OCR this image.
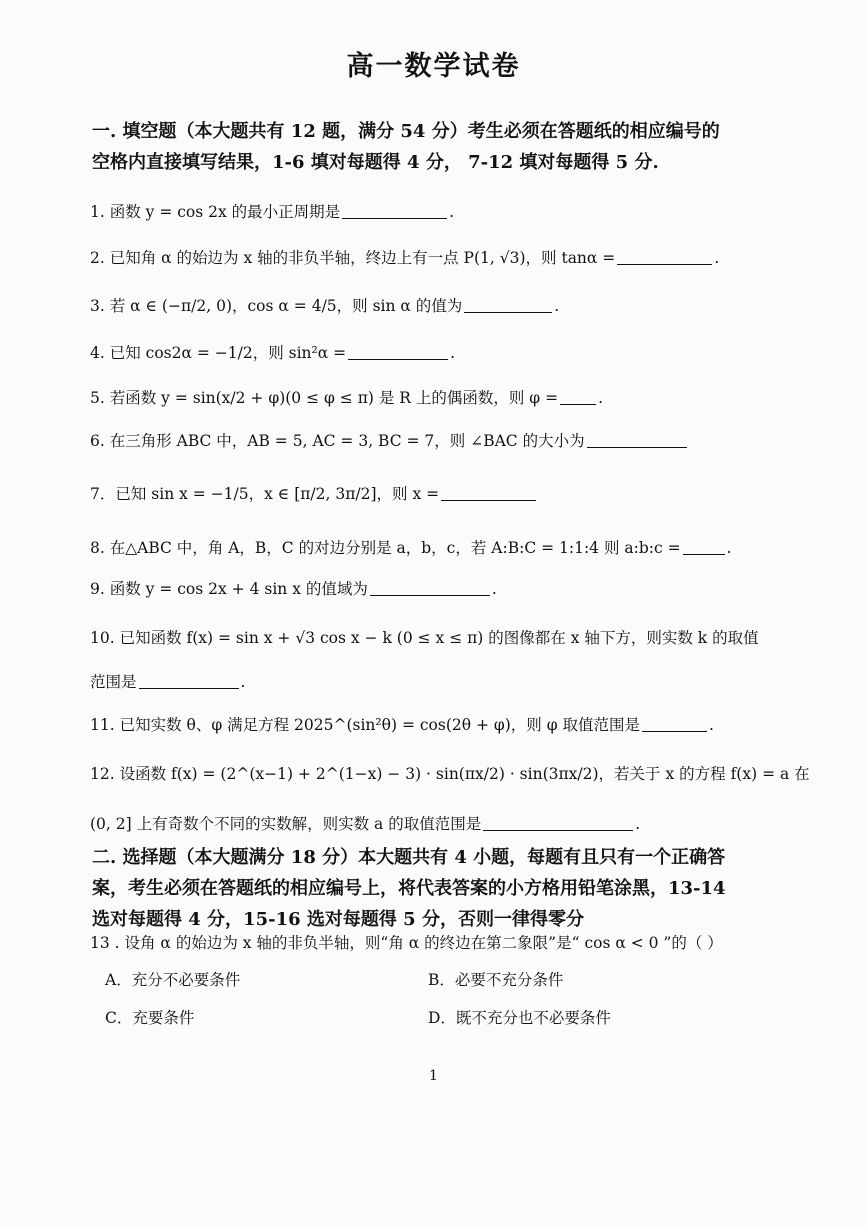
高一数学试卷
一. 填空题（本大题共有 12 题，满分 54 分）考生必须在答题纸的相应编号的
空格内直接填写结果，1-6 填对每题得 4 分， 7-12 填对每题得 5 分.
1. 函数 y = cos 2x 的最小正周期是	.
2. 已知角 α 的始边为 x 轴的非负半轴，终边上有一点 P(1, √3)，则 tanα =	.
3. 若 α ∈ (−π/2, 0)，cos α = 4/5，则 sin α 的值为	.
4. 已知 cos2α = −1/2，则 sin²α =	.
5. 若函数 y = sin(x/2 + φ)(0 ≤ φ ≤ π) 是 R 上的偶函数，则 φ =	.
6. 在三角形 ABC 中，AB = 5, AC = 3, BC = 7，则 ∠BAC 的大小为
7．已知 sin x = −1/5，x ∈ [π/2, 3π/2]，则 x =
8. 在△ABC 中，角 A，B，C 的对边分别是 a，b，c，若 A:B:C = 1:1:4 则 a:b:c =	.
9. 函数 y = cos 2x + 4 sin x 的值域为	.
10. 已知函数 f(x) = sin x + √3 cos x − k (0 ≤ x ≤ π) 的图像都在 x 轴下方，则实数 k 的取值
范围是	.
11. 已知实数 θ、φ 满足方程 2025^(sin²θ) = cos(2θ + φ)，则 φ 取值范围是	.
12. 设函数 f(x) = (2^(x−1) + 2^(1−x) − 3) · sin(πx/2) · sin(3πx/2)，若关于 x 的方程 f(x) = a 在
(0, 2] 上有奇数个不同的实数解，则实数 a 的取值范围是	.
二. 选择题（本大题满分 18 分）本大题共有 4 小题，每题有且只有一个正确答
案，考生必须在答题纸的相应编号上，将代表答案的小方格用铅笔涂黑，13-14
选对每题得 4 分，15-16 选对每题得 5 分，否则一律得零分
13 . 设角 α 的始边为 x 轴的非负半轴，则“角 α 的终边在第二象限”是“ cos α < 0 ”的（ ）
A．充分不必要条件	B．必要不充分条件
C．充要条件	D．既不充分也不必要条件
1
